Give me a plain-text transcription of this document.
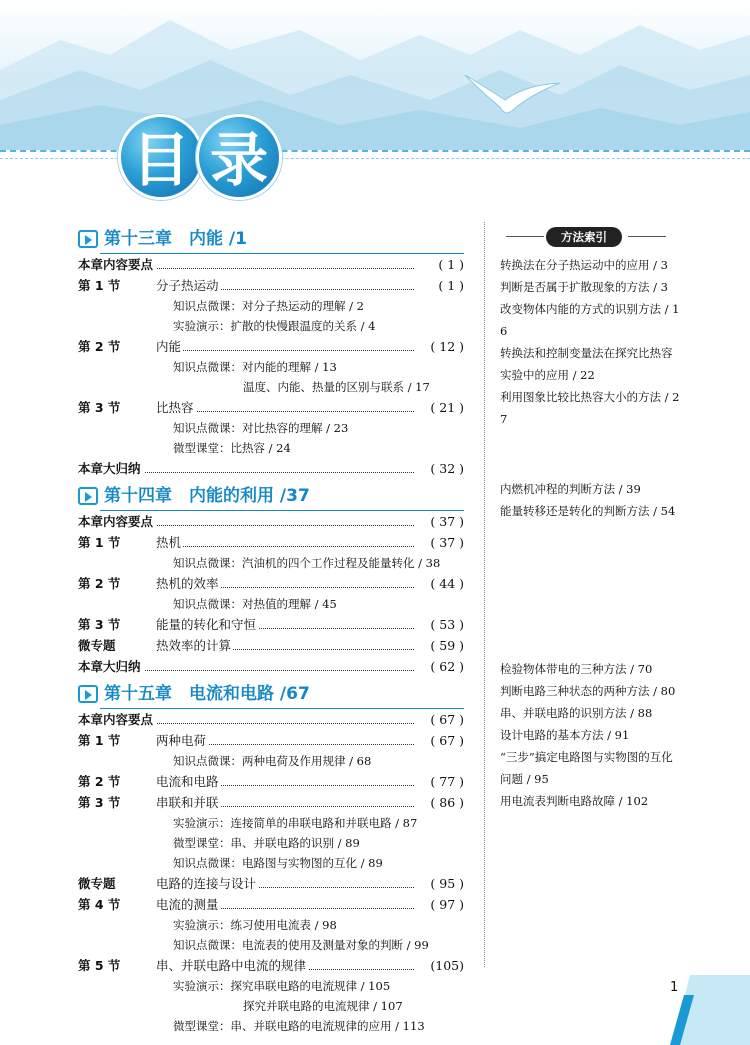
目 录
第十三章　内能 /1
本章内容要点	( 1 )
第 1 节	分子热运动	( 1 )
知识点微课：对分子热运动的理解 / 2
实验演示：扩散的快慢跟温度的关系 / 4
第 2 节	内能	( 12 )
知识点微课：对内能的理解 / 13
温度、内能、热量的区别与联系 / 17
第 3 节	比热容	( 21 )
知识点微课：对比热容的理解 / 23
微型课堂：比热容 / 24
本章大归纳	( 32 )
第十四章　内能的利用 /37
本章内容要点	( 37 )
第 1 节	热机	( 37 )
知识点微课：汽油机的四个工作过程及能量转化 / 38
第 2 节	热机的效率	( 44 )
知识点微课：对热值的理解 / 45
第 3 节	能量的转化和守恒	( 53 )
微专题	热效率的计算	( 59 )
本章大归纳	( 62 )
第十五章　电流和电路 /67
本章内容要点	( 67 )
第 1 节	两种电荷	( 67 )
知识点微课：两种电荷及作用规律 / 68
第 2 节	电流和电路	( 77 )
第 3 节	串联和并联	( 86 )
实验演示：连接简单的串联电路和并联电路 / 87
微型课堂：串、并联电路的识别 / 89
知识点微课：电路图与实物图的互化 / 89
微专题	电路的连接与设计	( 95 )
第 4 节	电流的测量	( 97 )
实验演示：练习使用电流表 / 98
知识点微课：电流表的使用及测量对象的判断 / 99
第 5 节	串、并联电路中电流的规律	(105)
实验演示：探究串联电路的电流规律 / 105
探究并联电路的电流规律 / 107
微型课堂：串、并联电路的电流规律的应用 / 113
方法索引
转换法在分子热运动中的应用 / 3
判断是否属于扩散现象的方法 / 3
改变物体内能的方式的识别方法 / 16
转换法和控制变量法在探究比热容实验中的应用 / 22
利用图象比较比热容大小的方法 / 27
内燃机冲程的判断方法 / 39
能量转移还是转化的判断方法 / 54
检验物体带电的三种方法 / 70
判断电路三种状态的两种方法 / 80
串、并联电路的识别方法 / 88
设计电路的基本方法 / 91
“三步”搞定电路图与实物图的互化问题 / 95
用电流表判断电路故障 / 102
1
